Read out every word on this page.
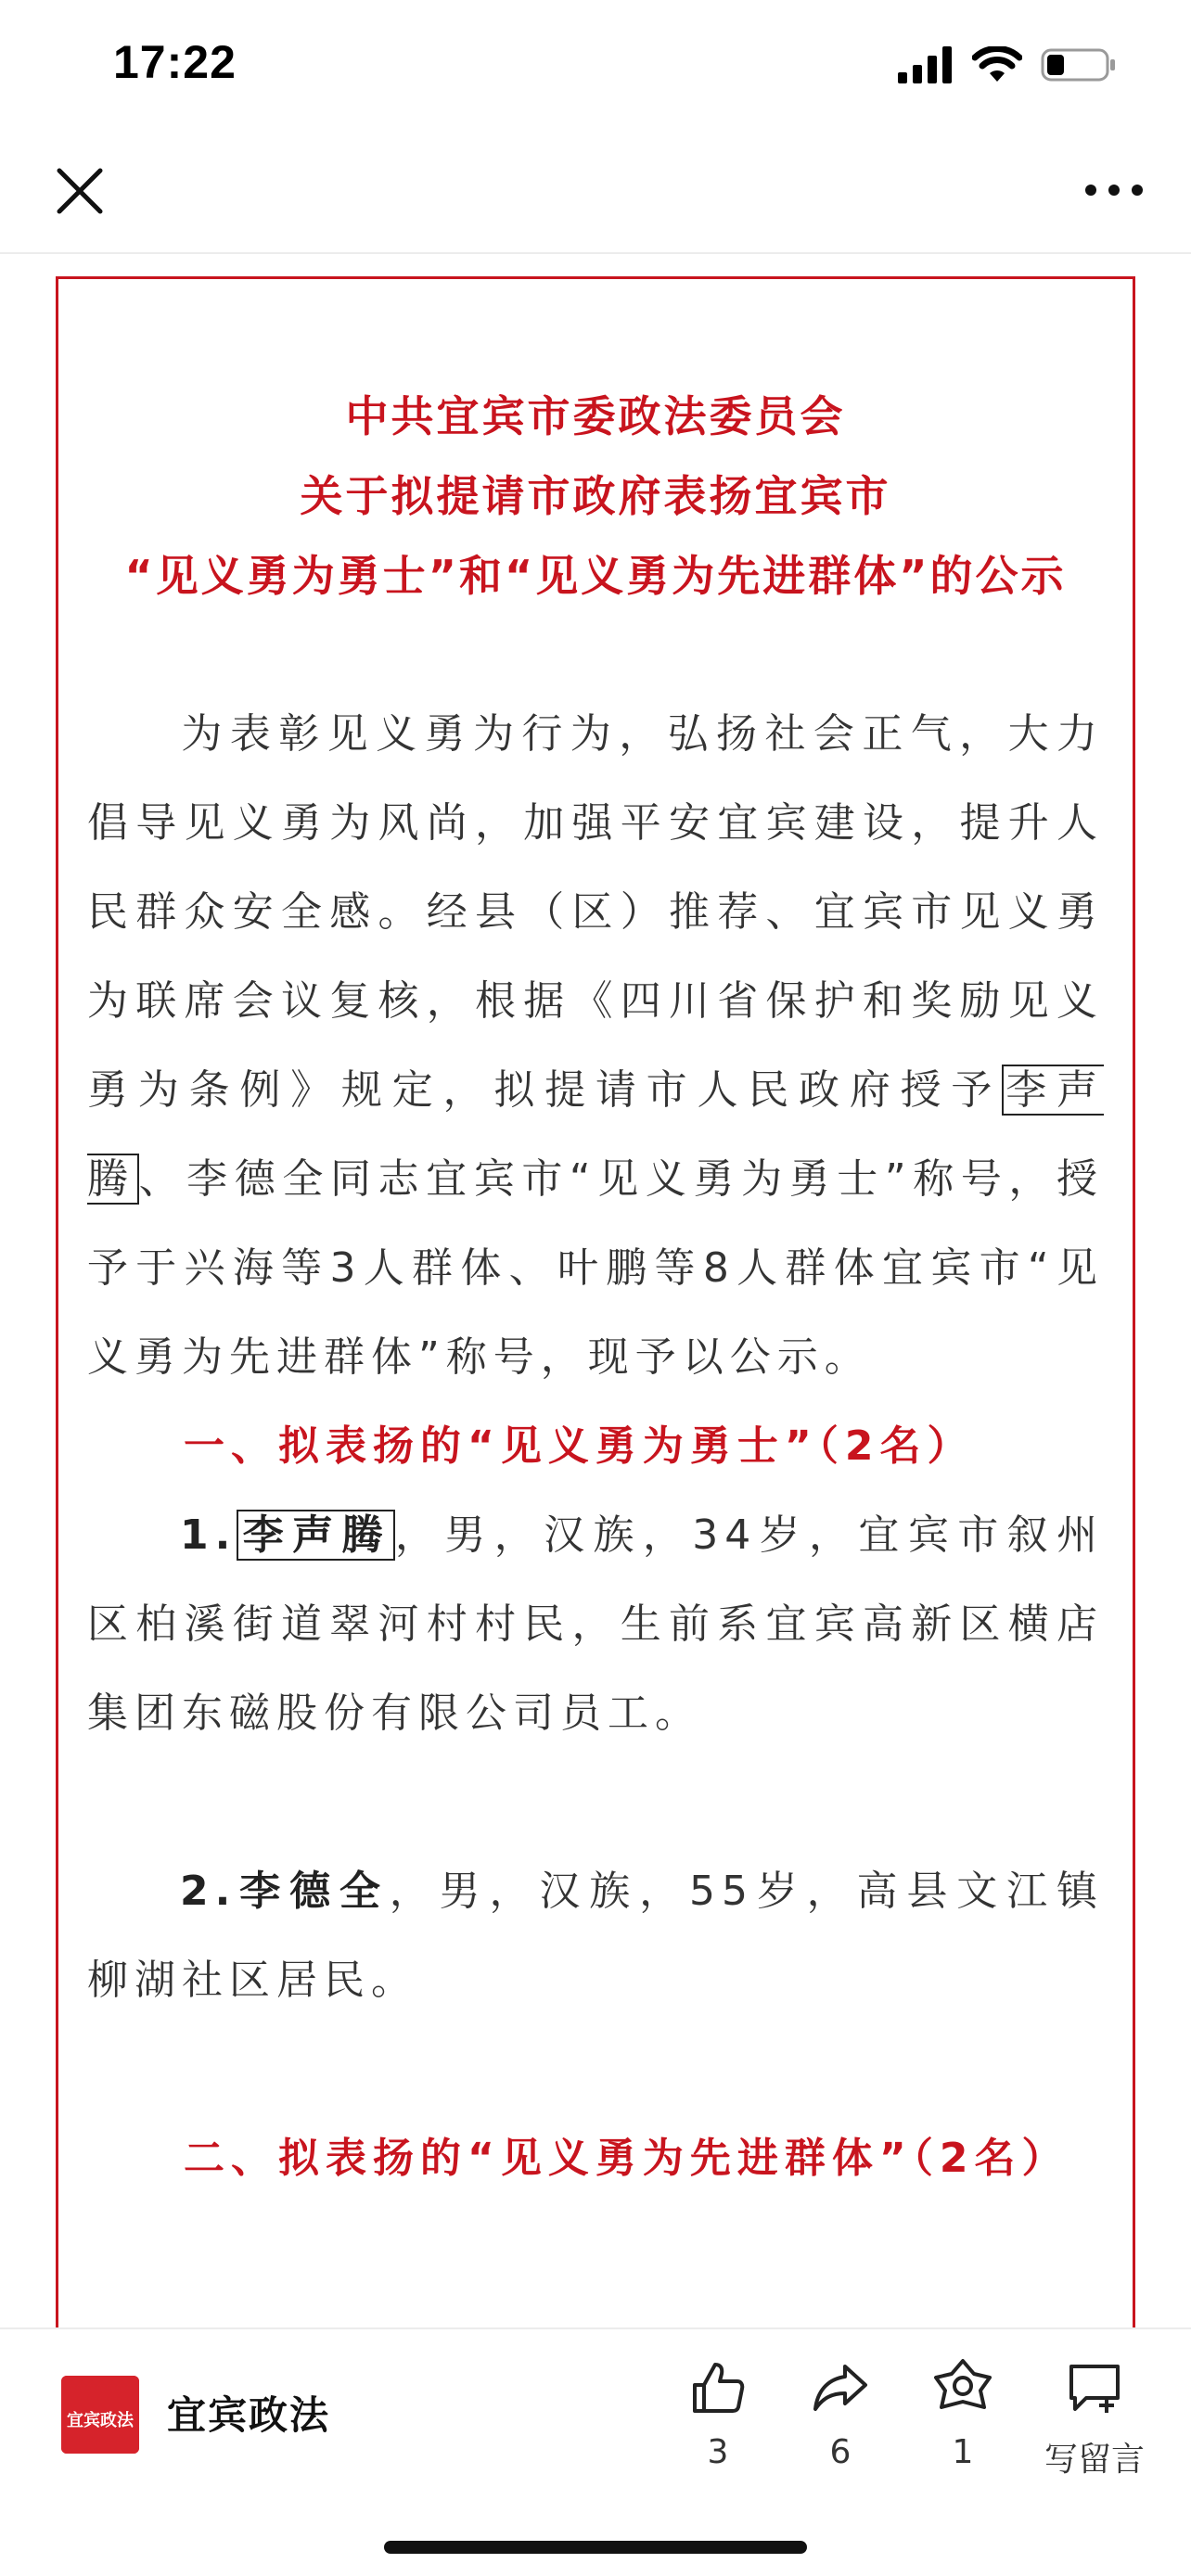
17:22
中共宜宾市委政法委员会
关于拟提请市政府表扬宜宾市
“见义勇为勇士”和“见义勇为先进群体”的公示
为表彰见义勇为行为，弘扬社会正气，大力倡导见义勇为风尚，加强平安宜宾建设，提升人民群众安全感。经县（区）推荐、宜宾市见义勇为联席会议复核，根据《四川省保护和奖励见义勇为条例》规定，拟提请市人民政府授予李声腾、李德全同志宜宾市“见义勇为勇士”称号，授予于兴海等3人群体、叶鹏等8人群体宜宾市“见义勇为先进群体”称号，现予以公示。
一、拟表扬的“见义勇为勇士”（2名）
1.李声腾，男，汉族，34岁，宜宾市叙州区柏溪街道翠河村村民，生前系宜宾高新区横店集团东磁股份有限公司员工。
2.李德全，男，汉族，55岁，高县文江镇柳湖社区居民。
二、拟表扬的“见义勇为先进群体”（2名）
宜宾政法 宜宾政法
3	6	1	写留言
